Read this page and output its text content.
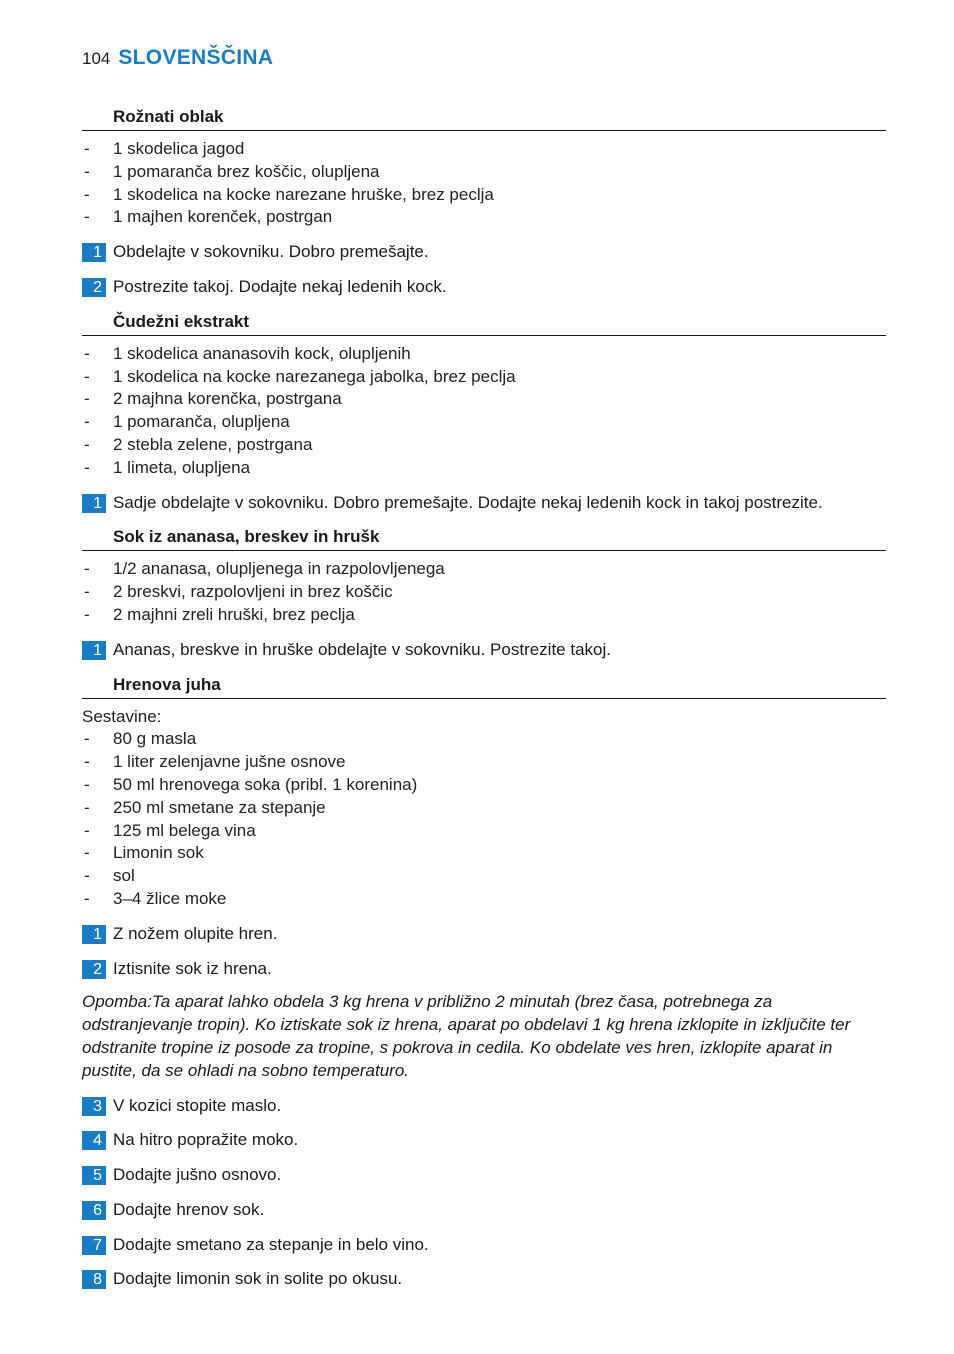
104 SLOVENŠČINA
Rožnati oblak
- 1 skodelica jagod
- 1 pomaranča brez koščic, olupljena
- 1 skodelica na kocke narezane hruške, brez peclja
- 1 majhen korenček, postrgan
1 Obdelajte v sokovniku. Dobro premešajte.
2 Postrezite takoj. Dodajte nekaj ledenih kock.
Čudežni ekstrakt
- 1 skodelica ananasovih kock, olupljenih
- 1 skodelica na kocke narezanega jabolka, brez peclja
- 2 majhna korenčka, postrgana
- 1 pomaranča, olupljena
- 2 stebla zelene, postrgana
- 1 limeta, olupljena
1 Sadje obdelajte v sokovniku. Dobro premešajte. Dodajte nekaj ledenih kock in takoj postrezite.
Sok iz ananasa, breskev in hrušk
- 1/2 ananasa, olupljenega in razpolovljenega
- 2 breskvi, razpolovljeni in brez koščic
- 2 majhni zreli hruški, brez peclja
1 Ananas, breskve in hruške obdelajte v sokovniku. Postrezite takoj.
Hrenova juha
Sestavine:
- 80 g masla
- 1 liter zelenjavne jušne osnove
- 50 ml hrenovega soka (pribl. 1 korenina)
- 250 ml smetane za stepanje
- 125 ml belega vina
- Limonin sok
- sol
- 3–4 žlice moke
1 Z nožem olupite hren.
2 Iztisnite sok iz hrena.
Opomba:Ta aparat lahko obdela 3 kg hrena v približno 2 minutah (brez časa, potrebnega za odstranjevanje tropin). Ko iztiskate sok iz hrena, aparat po obdelavi 1 kg hrena izklopite in izključite ter odstranite tropine iz posode za tropine, s pokrova in cedila. Ko obdelate ves hren, izklopite aparat in pustite, da se ohladi na sobno temperaturo.
3 V kozici stopite maslo.
4 Na hitro popražite moko.
5 Dodajte jušno osnovo.
6 Dodajte hrenov sok.
7 Dodajte smetano za stepanje in belo vino.
8 Dodajte limonin sok in solite po okusu.
